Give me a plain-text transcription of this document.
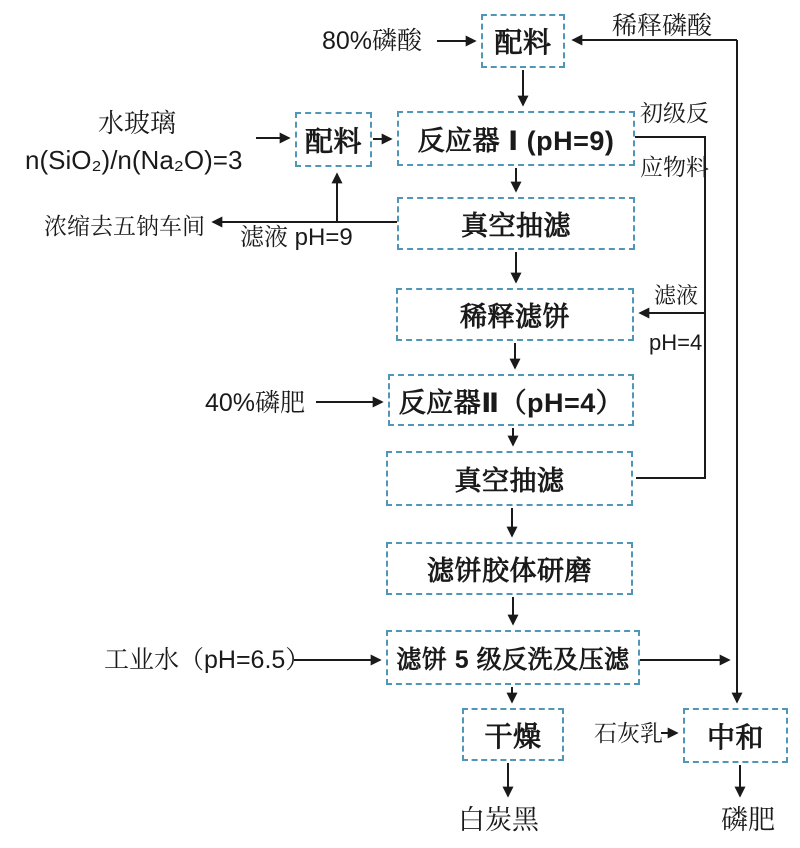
配料
配料	反应器 Ⅰ (pH=9)
真空抽滤
稀释滤饼
反应器Ⅱ（pH=4）
真空抽滤
滤饼胶体研磨
滤饼 5 级反洗及压滤
干燥	中和
80%磷酸
稀释磷酸
水玻璃
n(SiO₂)/n(Na₂O)=3
浓缩去五钠车间 滤液 pH=9
初级反
应物料
滤液
pH=4
40%磷肥
工业水（pH=6.5）
石灰乳
白炭黑	磷肥
